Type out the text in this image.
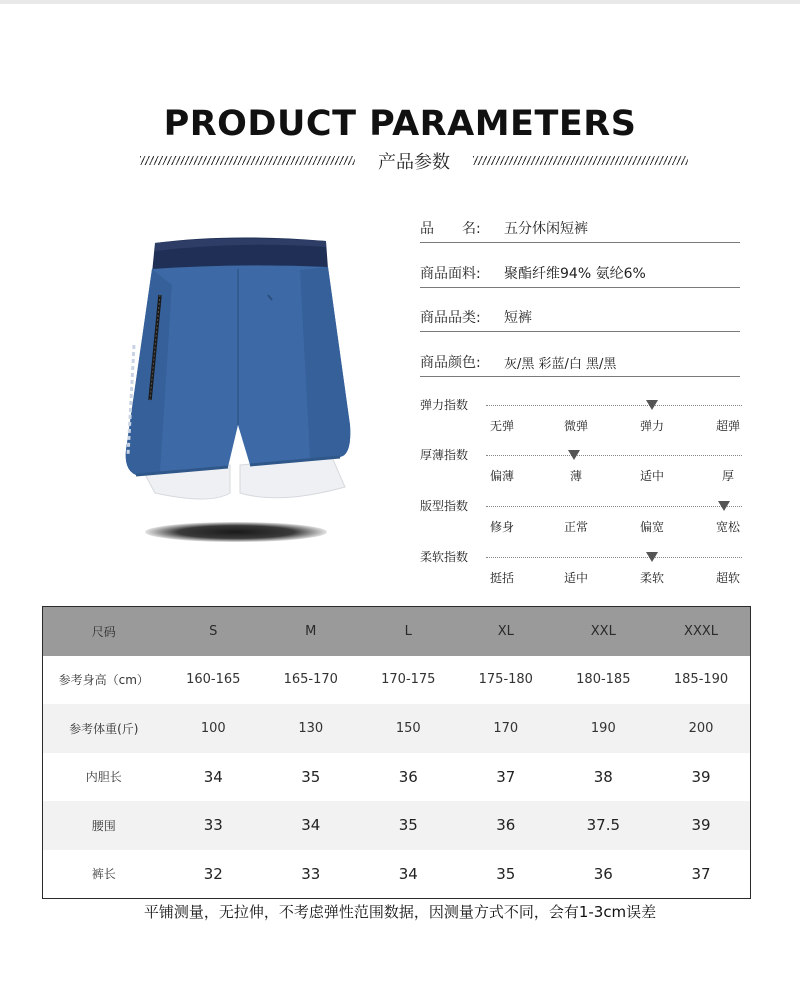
PRODUCT PARAMETERS
产品参数
品　　名: 五分休闲短裤
商品面料: 聚酯纤维94% 氨纶6%
商品品类: 短裤
商品颜色: 灰/黑 彩蓝/白 黑/黑
弹力指数
无弹	微弹	弹力	超弹
厚薄指数
偏薄	薄	适中	厚
版型指数
修身	正常	偏宽	宽松
柔软指数
挺括	适中	柔软	超软
尺码	S	M	L	XL	XXL	XXXL
参考身高（cm）	160-165	165-170	170-175	175-180	180-185	185-190
参考体重(斤)	100	130	150	170	190	200
内胆长	34	35	36	37	38	39
腰围	33	34	35	36	37.5	39
裤长	32	33	34	35	36	37
平铺测量，无拉伸，不考虑弹性范围数据，因测量方式不同，会有1-3cm误差
